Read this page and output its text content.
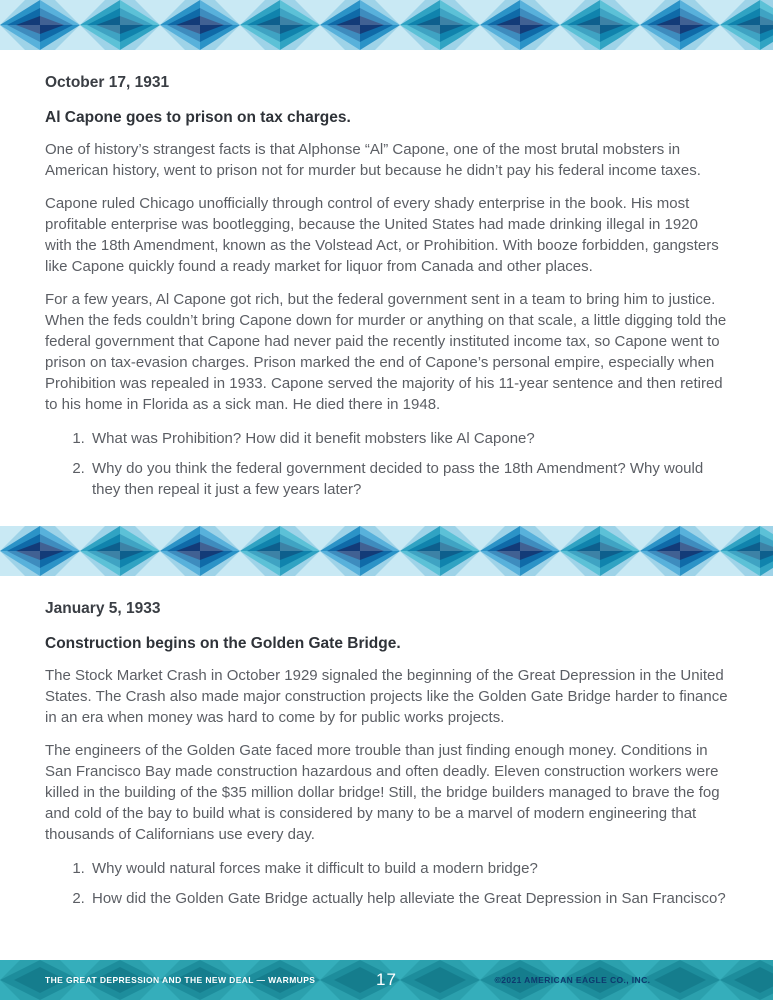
October 17, 1931
Al Capone goes to prison on tax charges.

One of history’s strangest facts is that Alphonse “Al” Capone, one of the most brutal mobsters in American history, went to prison not for murder but because he didn’t pay his federal income taxes.

Capone ruled Chicago unofficially through control of every shady enterprise in the book. His most profitable enterprise was bootlegging, because the United States had made drinking illegal in 1920 with the 18th Amendment, known as the Volstead Act, or Prohibition. With booze forbidden, gangsters like Capone quickly found a ready market for liquor from Canada and other places.

For a few years, Al Capone got rich, but the federal government sent in a team to bring him to justice. When the feds couldn’t bring Capone down for murder or anything on that scale, a little digging told the federal government that Capone had never paid the recently instituted income tax, so Capone went to prison on tax-evasion charges. Prison marked the end of Capone’s personal empire, especially when Prohibition was repealed in 1933. Capone served the majority of his 11-year sentence and then retired to his home in Florida as a sick man. He died there in 1948.

1. What was Prohibition? How did it benefit mobsters like Al Capone?
2. Why do you think the federal government decided to pass the 18th Amendment? Why would they then repeal it just a few years later?
January 5, 1933
Construction begins on the Golden Gate Bridge.

The Stock Market Crash in October 1929 signaled the beginning of the Great Depression in the United States. The Crash also made major construction projects like the Golden Gate Bridge harder to finance in an era when money was hard to come by for public works projects.

The engineers of the Golden Gate faced more trouble than just finding enough money. Conditions in San Francisco Bay made construction hazardous and often deadly. Eleven construction workers were killed in the building of the $35 million dollar bridge! Still, the bridge builders managed to brave the fog and cold of the bay to build what is considered by many to be a marvel of modern engineering that thousands of Californians use every day.

1. Why would natural forces make it difficult to build a modern bridge?
2. How did the Golden Gate Bridge actually help alleviate the Great Depression in San Francisco?
THE GREAT DEPRESSION AND THE NEW DEAL — WARMUPS	17	©2021 AMERICAN EAGLE CO., INC.
